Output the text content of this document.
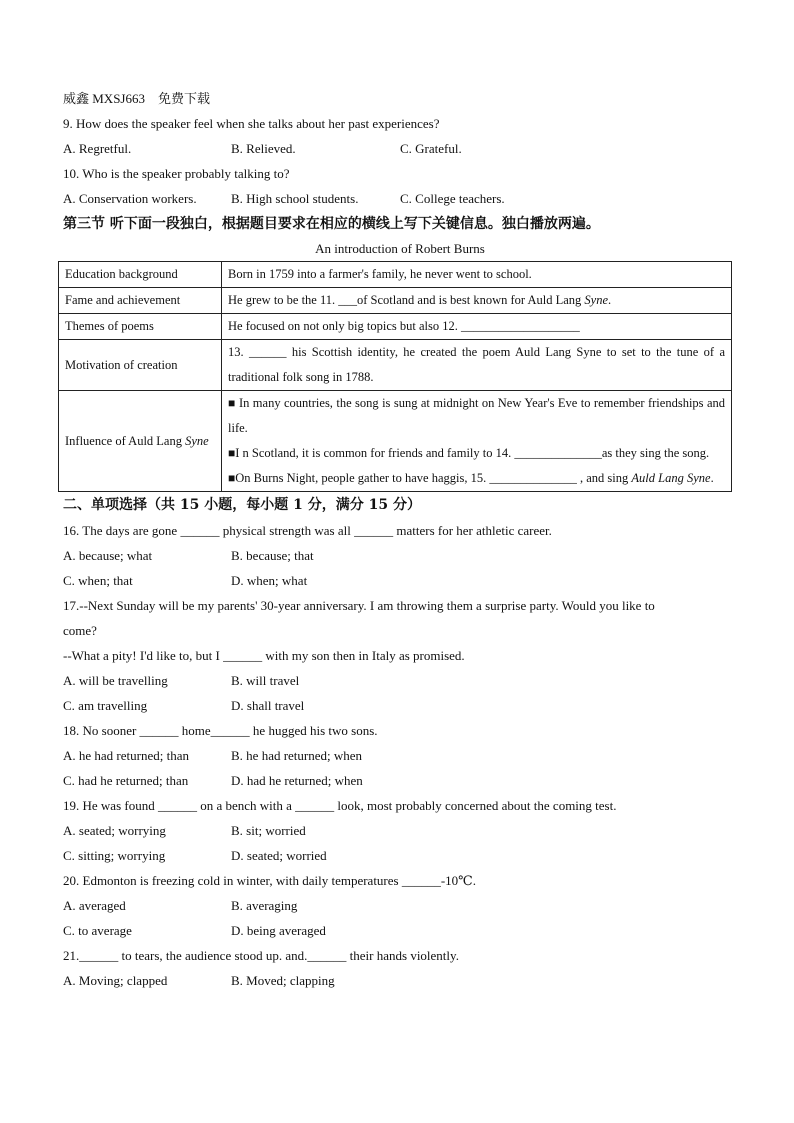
威鑫 MXSJ663　免费下载
9. How does the speaker feel when she talks about her past experiences?
A. Regretful.	B. Relieved.	C. Grateful.
10. Who is the speaker probably talking to?
A. Conservation workers.	B. High school students.	C. College teachers.
第三节 听下面一段独白，根据题目要求在相应的横线上写下关键信息。独白播放两遍。
An introduction of Robert Burns
Education background	Born in 1759 into a farmer's family, he never went to school.
Fame and achievement	He grew to be the 11. ___of Scotland and is best known for Auld Lang Syne.
Themes of poems	He focused on not only big topics but also 12. ___________________
Motivation of creation	13. ______ his Scottish identity, he created the poem Auld Lang Syne to set to the tune of a traditional folk song in 1788.
Influence of Auld Lang Syne	■ In many countries, the song is sung at midnight on New Year's Eve to remember friendships and life.
■I n Scotland, it is common for friends and family to 14. ______________as they sing the song.
■On Burns Night, people gather to have haggis, 15. ______________ , and sing Auld Lang Syne.
二、单项选择（共 15 小题，每小题 1 分，满分 15 分）
16. The days are gone ______ physical strength was all ______ matters for her athletic career.
A. because; what	B. because; that
C. when; that	D. when; what
17.--Next Sunday will be my parents' 30-year anniversary. I am throwing them a surprise party. Would you like to
come?
--What a pity! I'd like to, but I ______ with my son then in Italy as promised.
A. will be travelling	B. will travel
C. am travelling	D. shall travel
18. No sooner ______ home______ he hugged his two sons.
A. he had returned; than	B. he had returned; when
C. had he returned; than	D. had he returned; when
19. He was found ______ on a bench with a ______ look, most probably concerned about the coming test.
A. seated; worrying	B. sit; worried
C. sitting; worrying	D. seated; worried
20. Edmonton is freezing cold in winter, with daily temperatures ______-10℃.
A. averaged	B. averaging
C. to average	D. being averaged
21.______ to tears, the audience stood up. and.______ their hands violently.
A. Moving; clapped	B. Moved; clapping
